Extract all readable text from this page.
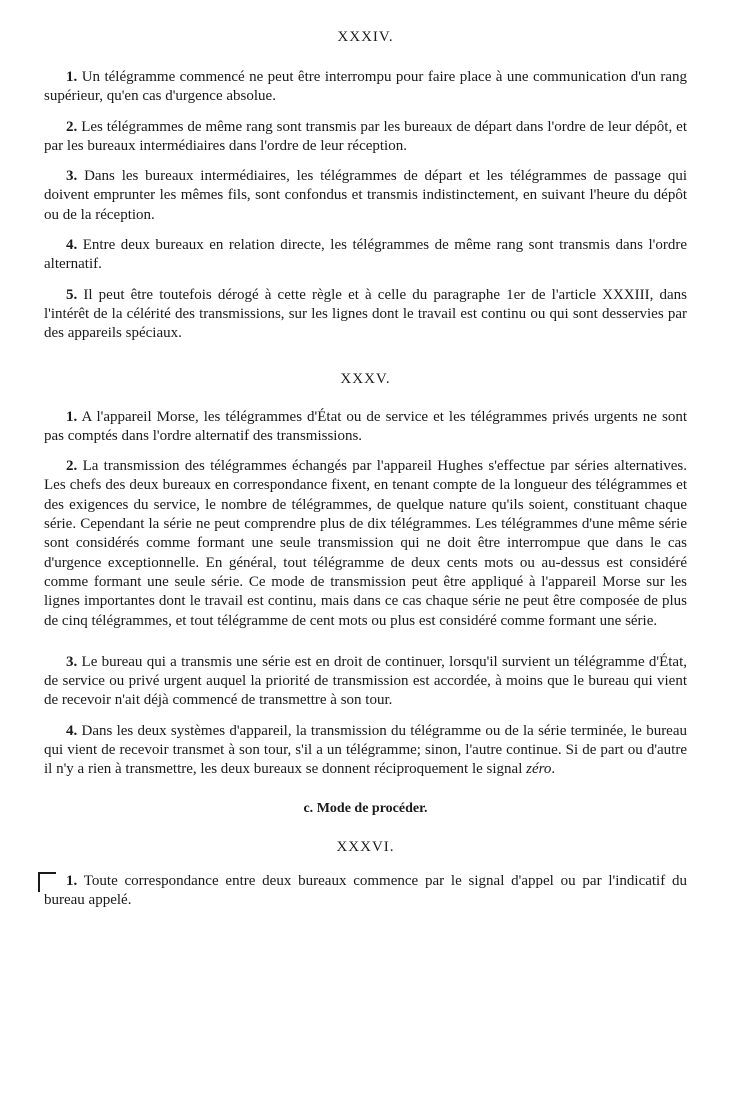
XXXIV.

1. Un télégramme commencé ne peut être interrompu pour faire place à une communication d'un rang supérieur, qu'en cas d'urgence absolue.

2. Les télégrammes de même rang sont transmis par les bureaux de départ dans l'ordre de leur dépôt, et par les bureaux intermédiaires dans l'ordre de leur réception.

3. Dans les bureaux intermédiaires, les télégrammes de départ et les télégrammes de passage qui doivent emprunter les mêmes fils, sont confondus et transmis indistinctement, en suivant l'heure du dépôt ou de la réception.

4. Entre deux bureaux en relation directe, les télégrammes de même rang sont transmis dans l'ordre alternatif.

5. Il peut être toutefois dérogé à cette règle et à celle du paragraphe 1er de l'article XXXIII, dans l'intérêt de la célérité des transmissions, sur les lignes dont le travail est continu ou qui sont desservies par des appareils spéciaux.

XXXV.

1. A l'appareil Morse, les télégrammes d'État ou de service et les télégrammes privés urgents ne sont pas comptés dans l'ordre alternatif des transmissions.

2. La transmission des télégrammes échangés par l'appareil Hughes s'effectue par séries alternatives. Les chefs des deux bureaux en correspondance fixent, en tenant compte de la longueur des télégrammes et des exigences du service, le nombre de télégrammes, de quelque nature qu'ils soient, constituant chaque série. Cependant la série ne peut comprendre plus de dix télégrammes. Les télégrammes d'une même série sont considérés comme formant une seule transmission qui ne doit être interrompue que dans le cas d'urgence exceptionnelle. En général, tout télégramme de deux cents mots ou au-dessus est considéré comme formant une seule série. Ce mode de transmission peut être appliqué à l'appareil Morse sur les lignes importantes dont le travail est continu, mais dans ce cas chaque série ne peut être composée de plus de cinq télégrammes, et tout télégramme de cent mots ou plus est considéré comme formant une série.

3. Le bureau qui a transmis une série est en droit de continuer, lorsqu'il survient un télégramme d'État, de service ou privé urgent auquel la priorité de transmission est accordée, à moins que le bureau qui vient de recevoir n'ait déjà commencé de transmettre à son tour.

4. Dans les deux systèmes d'appareil, la transmission du télégramme ou de la série terminée, le bureau qui vient de recevoir transmet à son tour, s'il a un télégramme; sinon, l'autre continue. Si de part ou d'autre il n'y a rien à transmettre, les deux bureaux se donnent réciproquement le signal zéro.

c. Mode de procéder.
XXXVI.

1. Toute correspondance entre deux bureaux commence par le signal d'appel ou par l'indicatif du bureau appelé.
